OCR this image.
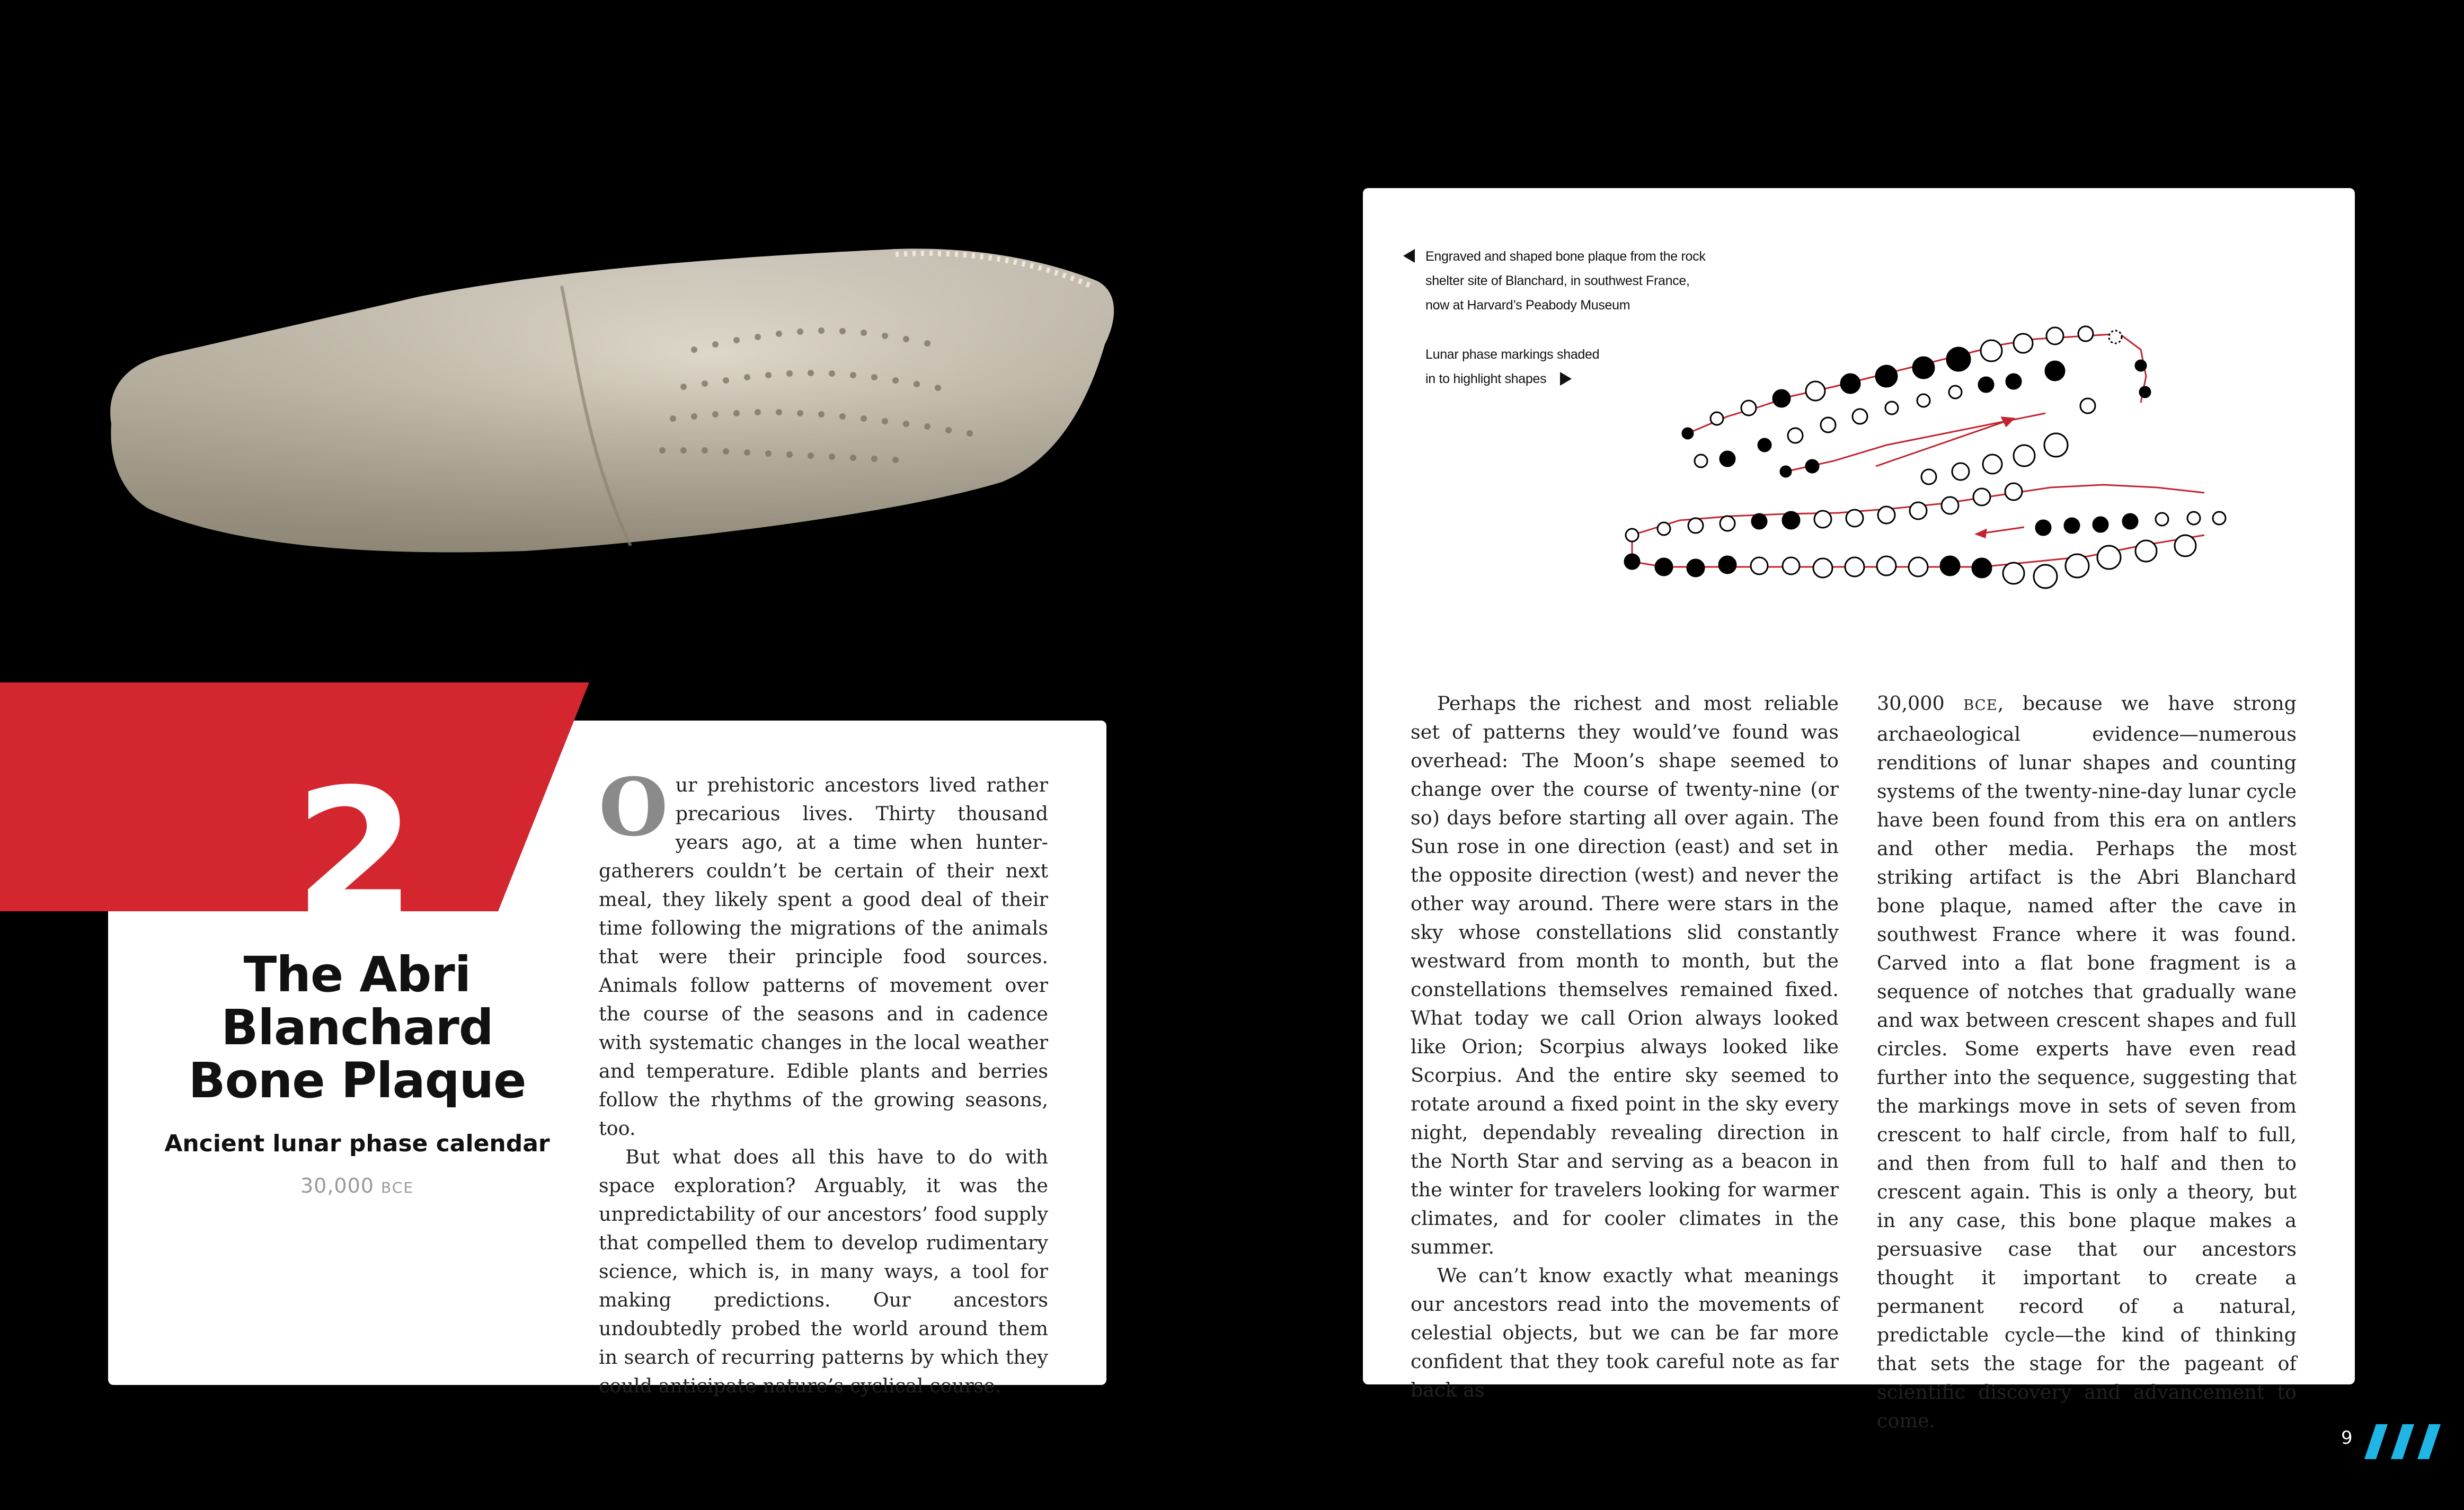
2
The Abri Blanchard
Bone Plaque
Ancient lunar phase calendar
30,000 BCE

Our prehistoric ancestors lived rather precarious lives. Thirty thousand years ago, at a time when hunter-gatherers couldn’t be certain of their next meal, they likely spent a good deal of their time following the migrations of the animals that were their principle food sources. Animals follow patterns of movement over the course of the seasons and in cadence with systematic changes in the local weather and temperature. Edible plants and berries follow the rhythms of the growing seasons, too.

But what does all this have to do with space exploration? Arguably, it was the unpredictability of our ancestors’ food supply that compelled them to develop rudimentary science, which is, in many ways, a tool for making predictions. Our ancestors undoubtedly probed the world around them in search of recurring patterns by which they could anticipate nature’s cyclical course.

Engraved and shaped bone plaque from the rock
shelter site of Blanchard, in southwest France,
now at Harvard’s Peabody Museum
Lunar phase markings shaded
in to highlight shapes

Perhaps the richest and most reliable set of patterns they would’ve found was overhead: The Moon’s shape seemed to change over the course of twenty-nine (or so) days before starting all over again. The Sun rose in one direction (east) and set in the opposite direction (west) and never the other way around. There were stars in the sky whose constellations slid constantly westward from month to month, but the constellations themselves remained fixed. What today we call Orion always looked like Orion; Scorpius always looked like Scorpius. And the entire sky seemed to rotate around a fixed point in the sky every night, dependably revealing direction in the North Star and serving as a beacon in the winter for travelers looking for warmer climates, and for cooler climates in the summer.

We can’t know exactly what meanings our ancestors read into the movements of celestial objects, but we can be far more confident that they took careful note as far back as

30,000 BCE, because we have strong archaeological evidence—numerous renditions of lunar shapes and counting systems of the twenty-nine-day lunar cycle have been found from this era on antlers and other media. Perhaps the most striking artifact is the Abri Blanchard bone plaque, named after the cave in southwest France where it was found. Carved into a flat bone fragment is a sequence of notches that gradually wane and wax between crescent shapes and full circles. Some experts have even read further into the sequence, suggesting that the markings move in sets of seven from crescent to half circle, from half to full, and then from full to half and then to crescent again. This is only a theory, but in any case, this bone plaque makes a persuasive case that our ancestors thought it important to create a permanent record of a natural, predictable cycle—the kind of thinking that sets the stage for the pageant of scientific discovery and advancement to come.

9
